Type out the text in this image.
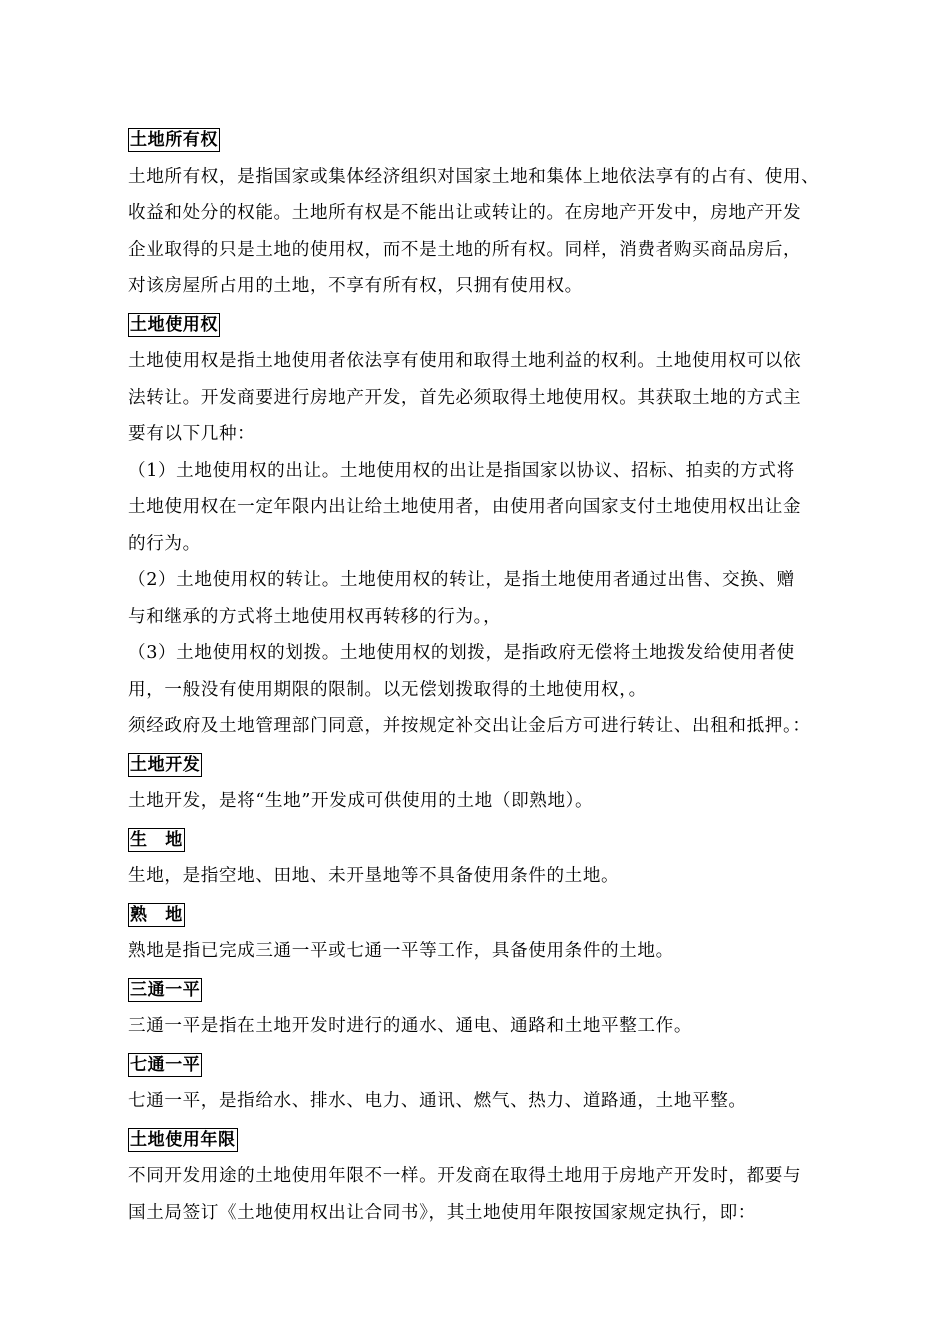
土地所有权
土地所有权，是指国家或集体经济组织对国家土地和集体上地依法享有的占有、使用、
收益和处分的权能。土地所有权是不能出让或转让的。在房地产开发中，房地产开发
企业取得的只是土地的使用权，而不是土地的所有权。同样，消费者购买商品房后，
对该房屋所占用的土地，不享有所有权，只拥有使用权。
土地使用权
土地使用权是指土地使用者依法享有使用和取得土地利益的权利。土地使用权可以依
法转让。开发商要进行房地产开发，首先必须取得土地使用权。其获取土地的方式主
要有以下几种：
（1）土地使用权的出让。土地使用权的出让是指国家以协议、招标、拍卖的方式将
土地使用权在一定年限内出让给土地使用者，由使用者向国家支付土地使用权出让金
的行为。
（2）土地使用权的转让。土地使用权的转让，是指土地使用者通过出售、交换、赠
与和继承的方式将土地使用权再转移的行为。，
（3）土地使用权的划拨。土地使用权的划拨，是指政府无偿将土地拨发给使用者使
用，一般没有使用期限的限制。以无偿划拨取得的土地使用权，。
须经政府及土地管理部门同意，并按规定补交出让金后方可进行转让、出租和抵押。：
土地开发
土地开发，是将“生地”开发成可供使用的土地（即熟地）。
生　地
生地，是指空地、田地、未开垦地等不具备使用条件的土地。
熟　地
熟地是指已完成三通一平或七通一平等工作，具备使用条件的土地。
三通一平
三通一平是指在土地开发时进行的通水、通电、通路和土地平整工作。
七通一平
七通一平，是指给水、排水、电力、通讯、燃气、热力、道路通，土地平整。
土地使用年限
不同开发用途的土地使用年限不一样。开发商在取得土地用于房地产开发时，都要与
国土局签订《土地使用权出让合同书》，其土地使用年限按国家规定执行，即：
